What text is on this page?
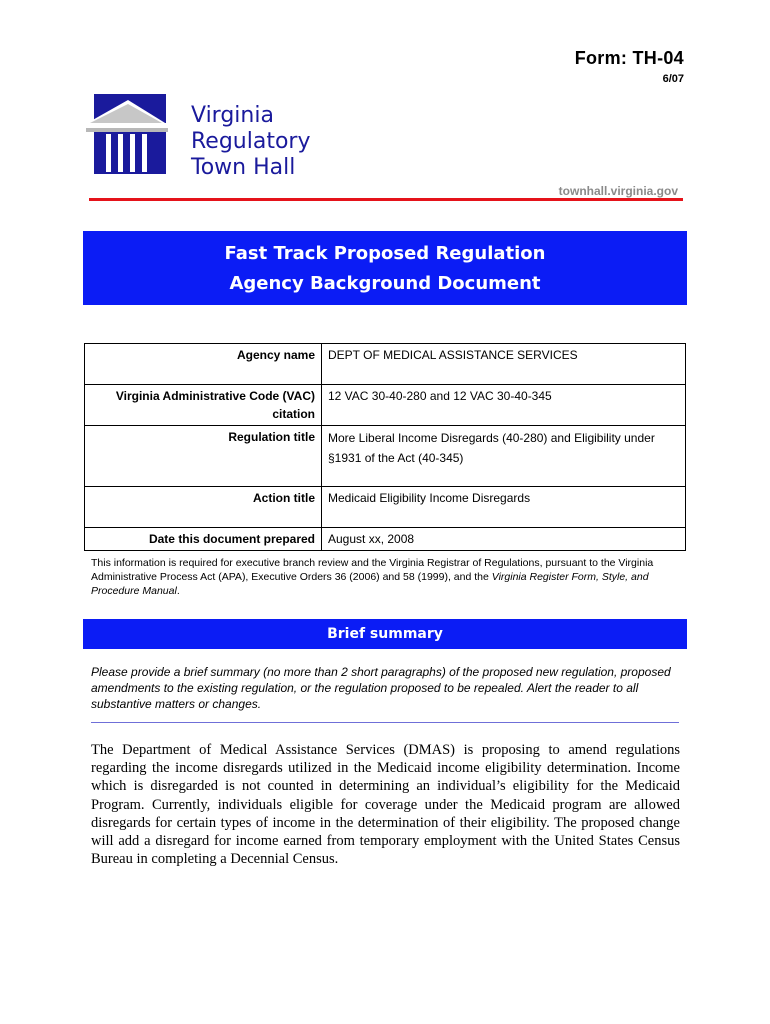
Form: TH-04
6/07
Virginia
Regulatory
Town Hall
townhall.virginia.gov
Fast Track Proposed Regulation
Agency Background Document
Agency name	DEPT OF MEDICAL ASSISTANCE SERVICES
Virginia Administrative Code (VAC) citation	12 VAC 30-40-280 and 12 VAC 30-40-345
Regulation title	More Liberal Income Disregards (40-280) and Eligibility under §1931 of the Act (40-345)
Action title	Medicaid Eligibility Income Disregards
Date this document prepared	August xx, 2008
This information is required for executive branch review and the Virginia Registrar of Regulations, pursuant to the Virginia Administrative Process Act (APA), Executive Orders 36 (2006) and 58 (1999), and the Virginia Register Form, Style, and Procedure Manual.
Brief summary
Please provide a brief summary (no more than 2 short paragraphs) of the proposed new regulation, proposed amendments to the existing regulation, or the regulation proposed to be repealed. Alert the reader to all substantive matters or changes.
The Department of Medical Assistance Services (DMAS) is proposing to amend regulations regarding the income disregards utilized in the Medicaid income eligibility determination. Income which is disregarded is not counted in determining an individual’s eligibility for the Medicaid Program. Currently, individuals eligible for coverage under the Medicaid program are allowed disregards for certain types of income in the determination of their eligibility. The proposed change will add a disregard for income earned from temporary employment with the United States Census Bureau in completing a Decennial Census.
